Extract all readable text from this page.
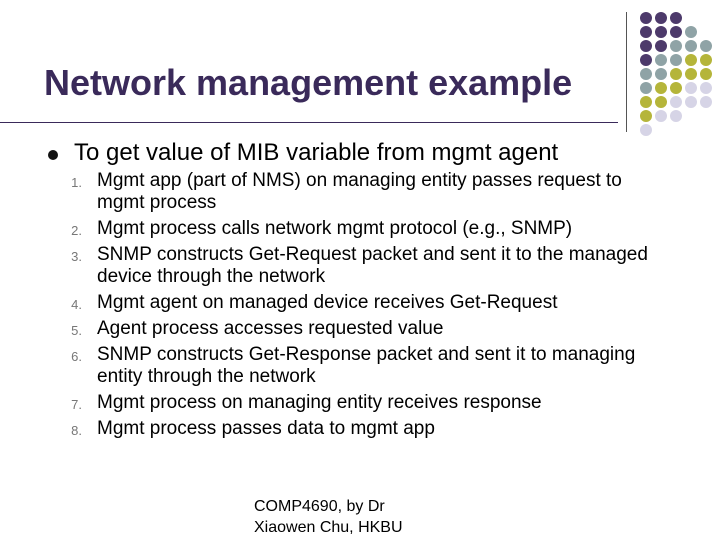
Network management example
To get value of MIB variable from mgmt agent
1. Mgmt app (part of NMS) on managing entity passes request to mgmt process
2. Mgmt process calls network mgmt protocol (e.g., SNMP)
3. SNMP constructs Get-Request packet and sent it to the managed device through the network
4. Mgmt agent on managed device receives Get-Request
5. Agent process accesses requested value
6. SNMP constructs Get-Response packet and sent it to managing entity through the network
7. Mgmt process on managing entity receives response
8. Mgmt process passes data to mgmt app
COMP4690, by Dr
Xiaowen Chu, HKBU
